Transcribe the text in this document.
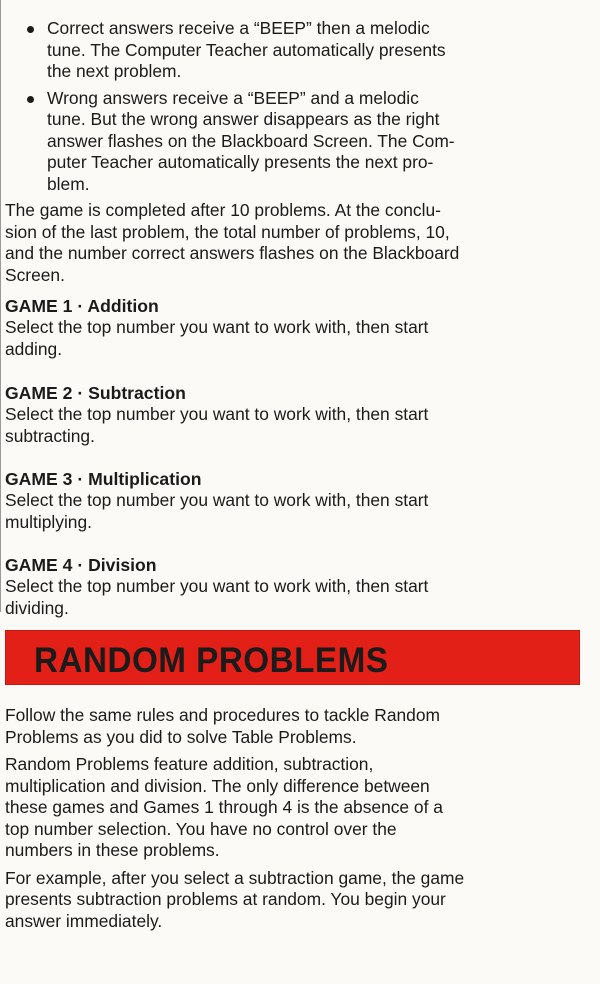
Correct answers receive a “BEEP” then a melodic
tune. The Computer Teacher automatically presents
the next problem.
Wrong answers receive a “BEEP” and a melodic
tune. But the wrong answer disappears as the right
answer flashes on the Blackboard Screen. The Com-
puter Teacher automatically presents the next pro-
blem.

The game is completed after 10 problems. At the conclu-
sion of the last problem, the total number of problems, 10,
and the number correct answers flashes on the Blackboard
Screen.

GAME 1 · Addition

Select the top number you want to work with, then start
adding.

GAME 2 · Subtraction

Select the top number you want to work with, then start
subtracting.

GAME 3 · Multiplication

Select the top number you want to work with, then start
multiplying.

GAME 4 · Division

Select the top number you want to work with, then start
dividing.

RANDOM PROBLEMS

Follow the same rules and procedures to tackle Random
Problems as you did to solve Table Problems.

Random Problems feature addition, subtraction,
multiplication and division. The only difference between
these games and Games 1 through 4 is the absence of a
top number selection. You have no control over the
numbers in these problems.

For example, after you select a subtraction game, the game
presents subtraction problems at random. You begin your
answer immediately.
